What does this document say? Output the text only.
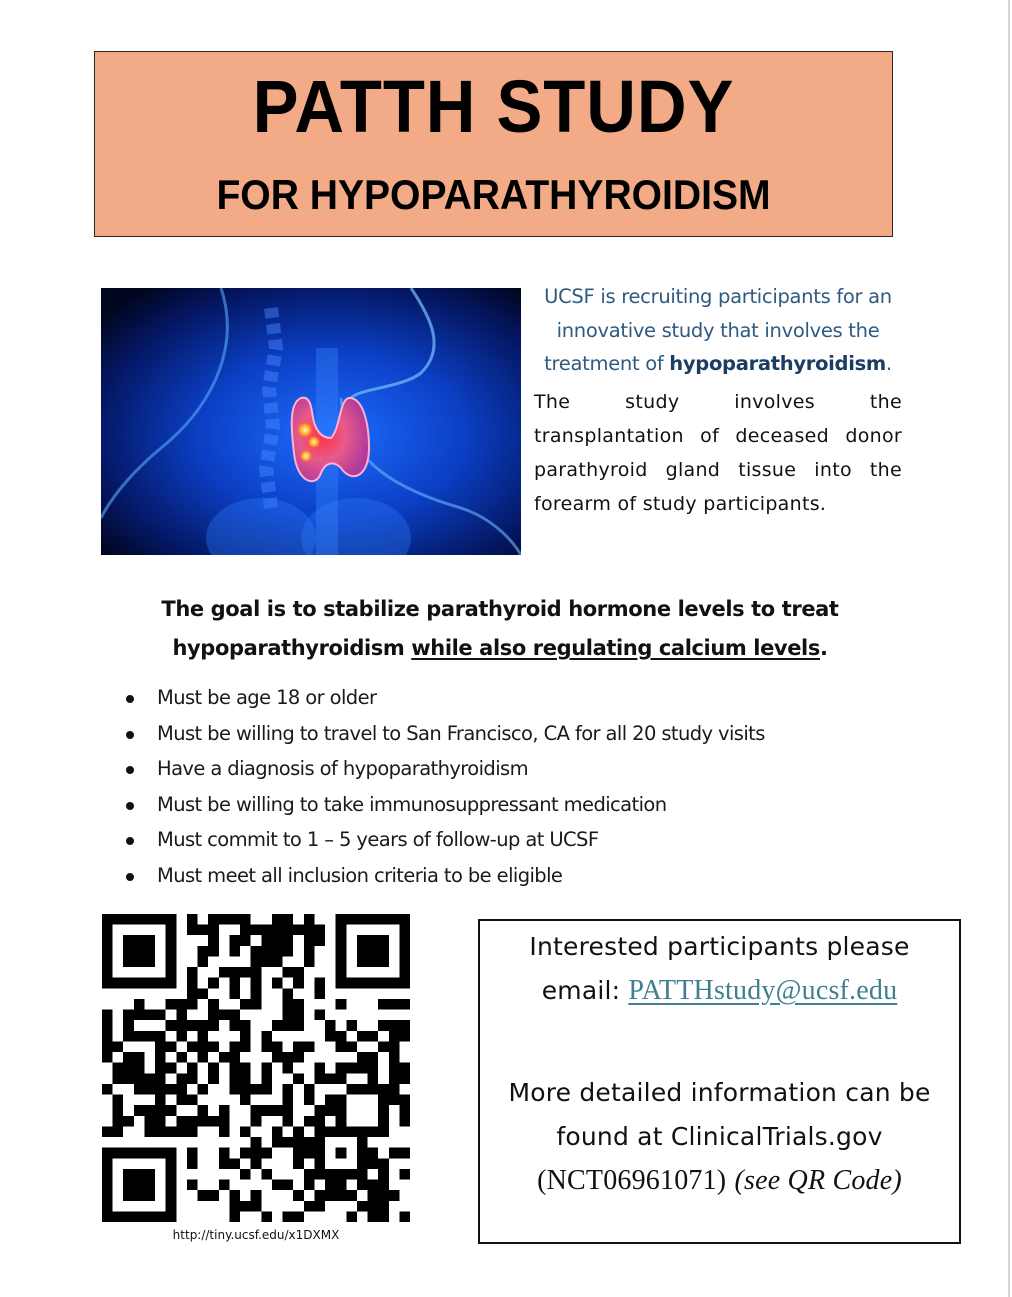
PATTH STUDY
FOR HYPOPARATHYROIDISM
UCSF is recruiting participants for an innovative study that involves the treatment of hypoparathyroidism.
The study involves the transplantation of deceased donor parathyroid gland tissue into the forearm of study participants.
The goal is to stabilize parathyroid hormone levels to treat hypoparathyroidism while also regulating calcium levels.
Must be age 18 or older
Must be willing to travel to San Francisco, CA for all 20 study visits
Have a diagnosis of hypoparathyroidism
Must be willing to take immunosuppressant medication
Must commit to 1 – 5 years of follow-up at UCSF
Must meet all inclusion criteria to be eligible
http://tiny.ucsf.edu/x1DXMX
Interested participants please
email: PATTHstudy@ucsf.edu
More detailed information can be
found at ClinicalTrials.gov
(NCT06961071) (see QR Code)
